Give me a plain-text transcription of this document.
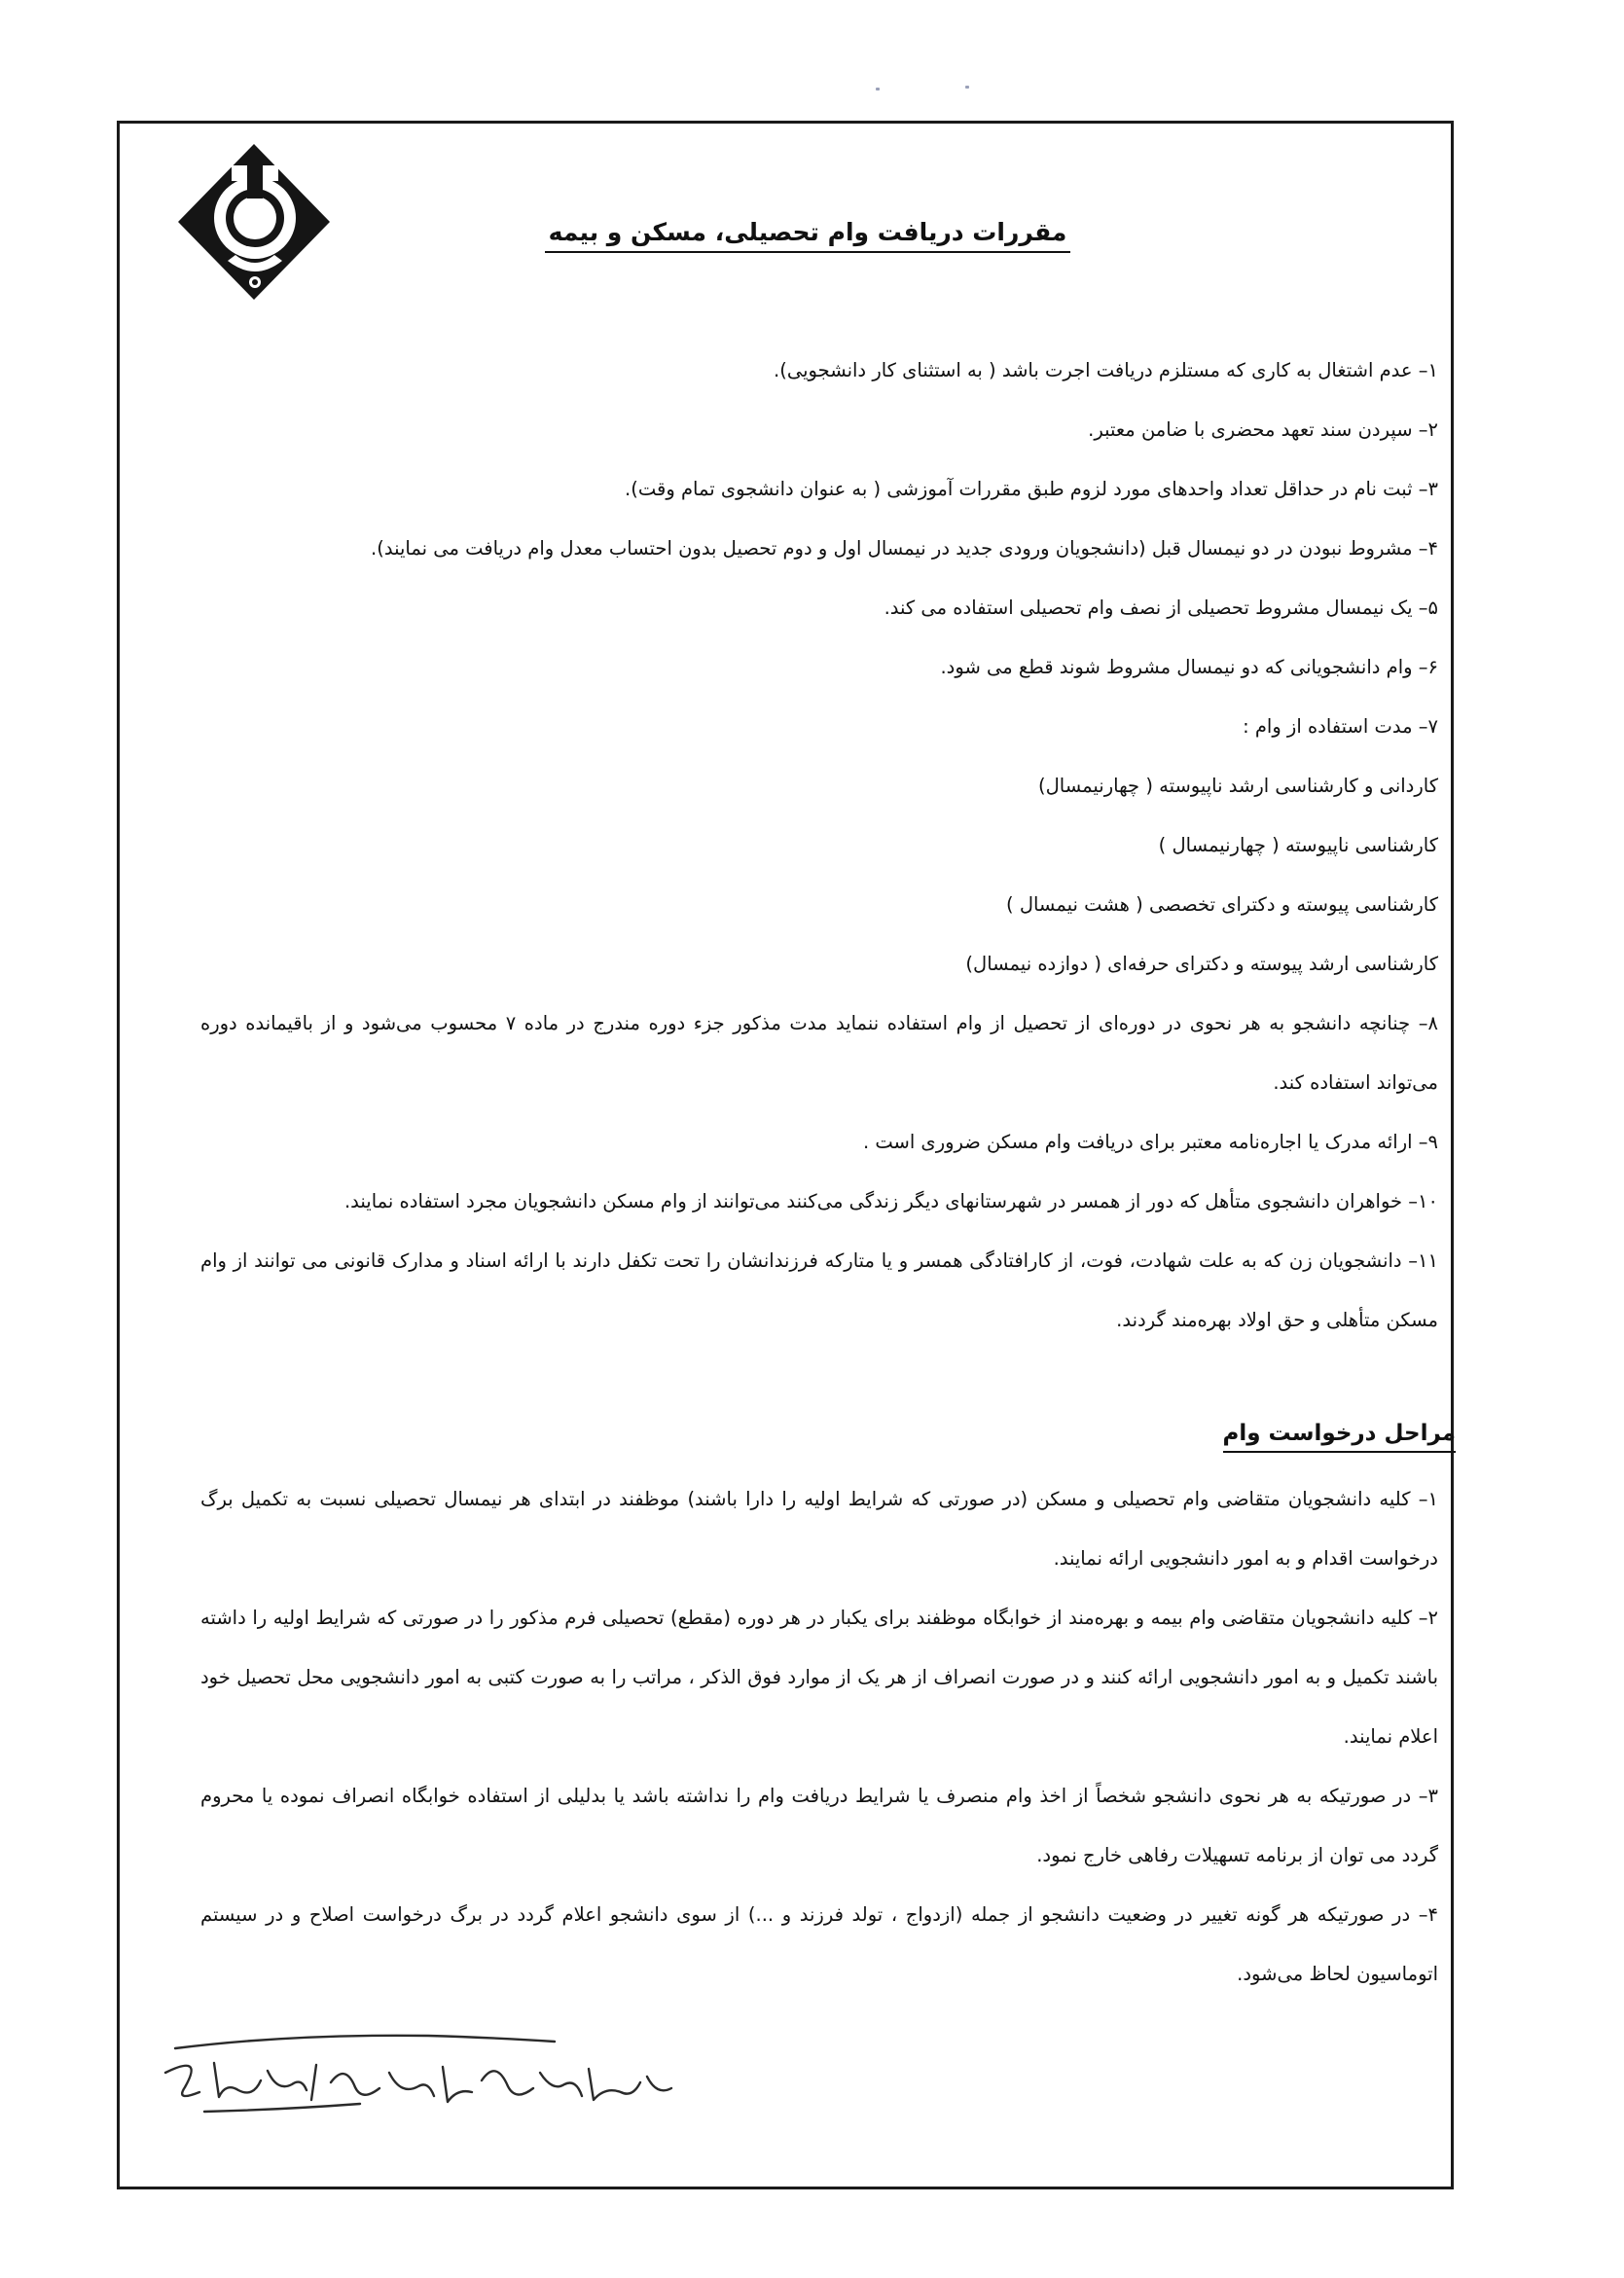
مقررات دریافت وام تحصیلی، مسکن و بیمه

۱– عدم اشتغال به کاری که مستلزم دریافت اجرت باشد ( به استثنای کار دانشجویی).

۲– سپردن سند تعهد محضری با ضامن معتبر.

۳– ثبت نام در حداقل تعداد واحدهای مورد لزوم طبق مقررات آموزشی ( به عنوان دانشجوی تمام وقت).

۴– مشروط نبودن در دو نیمسال قبل (دانشجویان ورودی جدید در نیمسال اول و دوم تحصیل بدون احتساب معدل وام دریافت می نمایند).

۵– یک نیمسال مشروط تحصیلی از نصف وام تحصیلی استفاده می کند.

۶– وام دانشجویانی که دو نیمسال مشروط شوند قطع می شود.

۷– مدت استفاده از وام :

کاردانی و کارشناسی ارشد ناپیوسته ( چهارنیمسال)

کارشناسی ناپیوسته ( چهارنیمسال )

کارشناسی پیوسته و دکترای تخصصی ( هشت نیمسال )

کارشناسی ارشد پیوسته و دکترای حرفه‌ای ( دوازده نیمسال)

۸– چنانچه دانشجو به هر نحوی در دوره‌ای از تحصیل از وام استفاده ننماید مدت مذکور جزء دوره مندرج در ماده ۷ محسوب می‌شود و از باقیمانده دوره می‌تواند استفاده کند.

۹– ارائه مدرک یا اجاره‌نامه معتبر برای دریافت وام مسکن ضروری است .

۱۰– خواهران دانشجوی متأهل که دور از همسر در شهرستانهای دیگر زندگی می‌کنند می‌توانند از وام مسکن دانشجویان مجرد استفاده نمایند.

۱۱– دانشجویان زن که به علت شهادت، فوت، از کارافتادگی همسر و یا متارکه فرزندانشان را تحت تکفل دارند با ارائه اسناد و مدارک قانونی می توانند از وام مسکن متأهلی و حق اولاد بهره‌مند گردند.

مراحل درخواست وام

۱– کلیه دانشجویان متقاضی وام تحصیلی و مسکن (در صورتی که شرایط اولیه را دارا باشند) موظفند در ابتدای هر نیمسال تحصیلی نسبت به تکمیل برگ درخواست اقدام و به امور دانشجویی ارائه نمایند.

۲– کلیه دانشجویان متقاضی وام بیمه و بهره‌مند از خوابگاه موظفند برای یکبار در هر دوره (مقطع) تحصیلی فرم مذکور را در صورتی که شرایط اولیه را داشته باشند تکمیل و به امور دانشجویی ارائه کنند و در صورت انصراف از هر یک از موارد فوق الذکر ، مراتب را به صورت کتبی به امور دانشجویی محل تحصیل خود اعلام نمایند.

۳– در صورتیکه به هر نحوی دانشجو شخصاً از اخذ وام منصرف یا شرایط دریافت وام را نداشته باشد یا بدلیلی از استفاده خوابگاه انصراف نموده یا محروم گردد می توان از برنامه تسهیلات رفاهی خارج نمود.

۴– در صورتیکه هر گونه تغییر در وضعیت دانشجو از جمله (ازدواج ، تولد فرزند و ...) از سوی دانشجو اعلام گردد در برگ درخواست اصلاح و در سیستم اتوماسیون لحاظ می‌شود.
